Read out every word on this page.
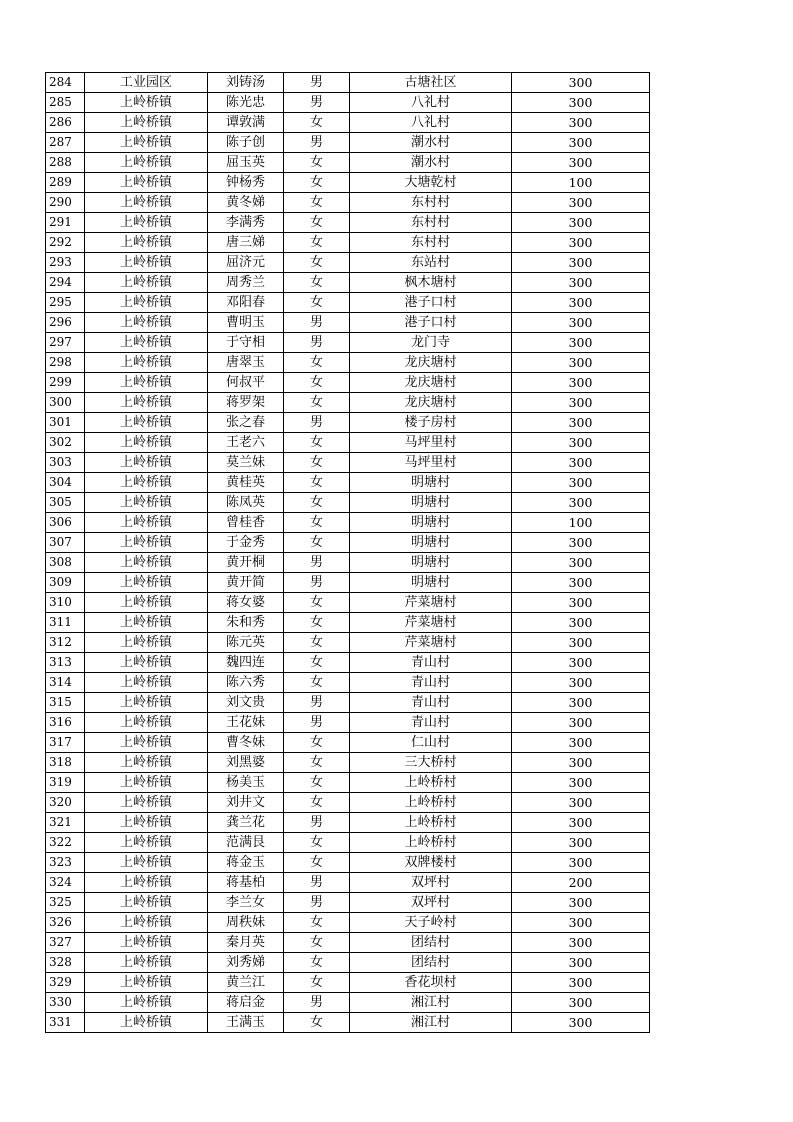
284	工业园区	刘铸汤	男	古塘社区	300
285	上岭桥镇	陈光忠	男	八礼村	300
286	上岭桥镇	谭敦满	女	八礼村	300
287	上岭桥镇	陈子创	男	潮水村	300
288	上岭桥镇	屈玉英	女	潮水村	300
289	上岭桥镇	钟杨秀	女	大塘乾村	100
290	上岭桥镇	黄冬娣	女	东村村	300
291	上岭桥镇	李满秀	女	东村村	300
292	上岭桥镇	唐三娣	女	东村村	300
293	上岭桥镇	屈济元	女	东站村	300
294	上岭桥镇	周秀兰	女	枫木塘村	300
295	上岭桥镇	邓阳春	女	港子口村	300
296	上岭桥镇	曹明玉	男	港子口村	300
297	上岭桥镇	于守相	男	龙门寺	300
298	上岭桥镇	唐翠玉	女	龙庆塘村	300
299	上岭桥镇	何叔平	女	龙庆塘村	300
300	上岭桥镇	蒋罗架	女	龙庆塘村	300
301	上岭桥镇	张之春	男	楼子房村	300
302	上岭桥镇	王老六	女	马坪里村	300
303	上岭桥镇	莫兰妹	女	马坪里村	300
304	上岭桥镇	黄桂英	女	明塘村	300
305	上岭桥镇	陈凤英	女	明塘村	300
306	上岭桥镇	曾桂香	女	明塘村	100
307	上岭桥镇	于金秀	女	明塘村	300
308	上岭桥镇	黄开桐	男	明塘村	300
309	上岭桥镇	黄开简	男	明塘村	300
310	上岭桥镇	蒋女婆	女	芹菜塘村	300
311	上岭桥镇	朱和秀	女	芹菜塘村	300
312	上岭桥镇	陈元英	女	芹菜塘村	300
313	上岭桥镇	魏四连	女	青山村	300
314	上岭桥镇	陈六秀	女	青山村	300
315	上岭桥镇	刘文贵	男	青山村	300
316	上岭桥镇	王花妹	男	青山村	300
317	上岭桥镇	曹冬妹	女	仁山村	300
318	上岭桥镇	刘黑婆	女	三大桥村	300
319	上岭桥镇	杨美玉	女	上岭桥村	300
320	上岭桥镇	刘井文	女	上岭桥村	300
321	上岭桥镇	龚兰花	男	上岭桥村	300
322	上岭桥镇	范满艮	女	上岭桥村	300
323	上岭桥镇	蒋金玉	女	双牌楼村	300
324	上岭桥镇	蒋基柏	男	双坪村	200
325	上岭桥镇	李兰女	男	双坪村	300
326	上岭桥镇	周秩妹	女	天子岭村	300
327	上岭桥镇	秦月英	女	团结村	300
328	上岭桥镇	刘秀娣	女	团结村	300
329	上岭桥镇	黄兰江	女	香花坝村	300
330	上岭桥镇	蒋启金	男	湘江村	300
331	上岭桥镇	王满玉	女	湘江村	300
